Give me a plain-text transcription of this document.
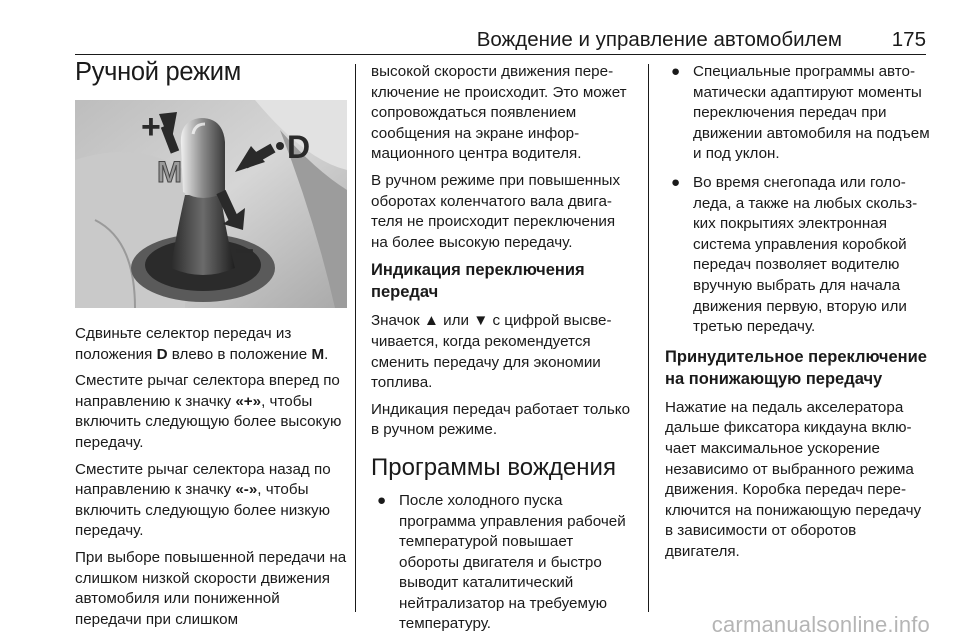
Вождение и управление автомобилем 175
Ручной режим
+
D
M
–

Сдвиньте селектор передач из положения D влево в положение M.

Сместите рычаг селектора вперед по направлению к значку «+», чтобы включить следующую более высокую передачу.

Сместите рычаг селектора назад по направлению к значку «-», чтобы включить следующую более низкую передачу.

При выборе повышенной передачи на слишком низкой скорости движения автомобиля или пониженной передачи при слишком

высокой скорости движения переключение не происходит. Это может сопровождаться появлением сообщения на экране информационного центра водителя.

В ручном режиме при повышенных оборотах коленчатого вала двигателя не происходит переключения на более высокую передачу.

Индикация переключения передач

Значок ▲ или ▼ с цифрой высвечивается, когда рекомендуется сменить передачу для экономии топлива.

Индикация передач работает только в ручном режиме.

Программы вождения
● После холодного пуска программа управления рабочей температурой повышает обороты двигателя и быстро выводит каталитический нейтрализатор на требуемую температуру.
● Специальные программы автоматически адаптируют моменты переключения передач при движении автомобиля на подъем и под уклон.
● Во время снегопада или гололеда, а также на любых скользких покрытиях электронная система управления коробкой передач позволяет водителю вручную выбрать для начала движения первую, вторую или третью передачу.
Принудительное переключение на понижающую передачу

Нажатие на педаль акселератора дальше фиксатора кикдауна включает максимальное ускорение независимо от выбранного режима движения. Коробка передач переключится на понижающую передачу в зависимости от оборотов двигателя.

carmanualsonline.info
